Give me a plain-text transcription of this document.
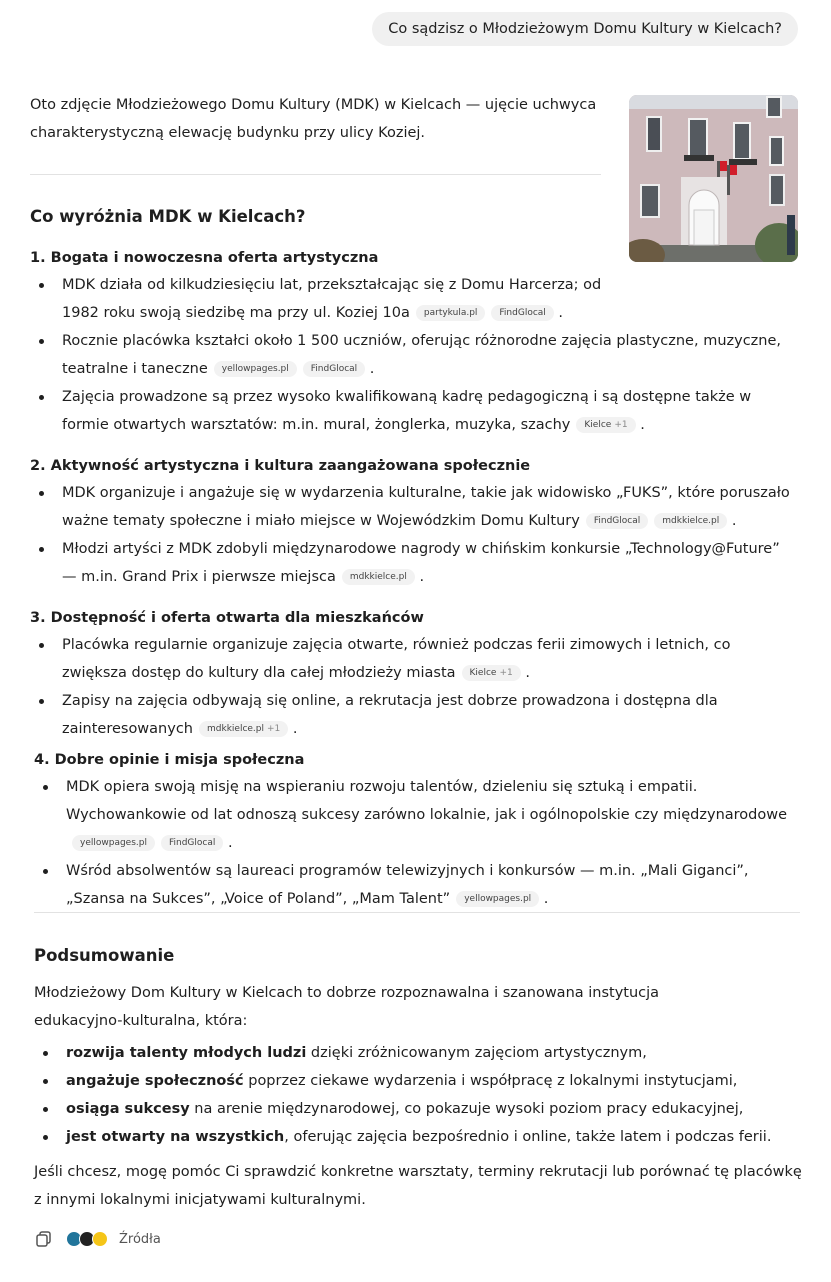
Co sądzisz o Młodzieżowym Domu Kultury w Kielcach?
Oto zdjęcie Młodzieżowego Domu Kultury (MDK) w Kielcach — ujęcie uchwyca charakterystyczną elewację budynku przy ulicy Koziej.
Co wyróżnia MDK w Kielcach?
1. Bogata i nowoczesna oferta artystyczna
MDK działa od kilkudziesięciu lat, przekształcając się z Domu Harcerza; od 1982 roku swoją siedzibę ma przy ul. Koziej 10a partykula.pl FindGlocal .
Rocznie placówka kształci około 1 500 uczniów, oferując różnorodne zajęcia plastyczne, muzyczne, teatralne i taneczne yellowpages.pl FindGlocal .
Zajęcia prowadzone są przez wysoko kwalifikowaną kadrę pedagogiczną i są dostępne także w formie otwartych warsztatów: m.in. mural, żonglerka, muzyka, szachy Kielce +1 .
2. Aktywność artystyczna i kultura zaangażowana społecznie
MDK organizuje i angażuje się w wydarzenia kulturalne, takie jak widowisko „FUKS”, które poruszało ważne tematy społeczne i miało miejsce w Wojewódzkim Domu Kultury FindGlocal mdkkielce.pl .
Młodzi artyści z MDK zdobyli międzynarodowe nagrody w chińskim konkursie „Technology@Future” — m.in. Grand Prix i pierwsze miejsca mdkkielce.pl .
3. Dostępność i oferta otwarta dla mieszkańców
Placówka regularnie organizuje zajęcia otwarte, również podczas ferii zimowych i letnich, co zwiększa dostęp do kultury dla całej młodzieży miasta Kielce +1 .
Zapisy na zajęcia odbywają się online, a rekrutacja jest dobrze prowadzona i dostępna dla zainteresowanych mdkkielce.pl +1 .
4. Dobre opinie i misja społeczna
MDK opiera swoją misję na wspieraniu rozwoju talentów, dzieleniu się sztuką i empatii. Wychowankowie od lat odnoszą sukcesy zarówno lokalnie, jak i ogólnopolskie czy międzynarodoweyellowpages.pl FindGlocal .
Wśród absolwentów są laureaci programów telewizyjnych i konkursów — m.in. „Mali Giganci”, „Szansa na Sukces”, „Voice of Poland”, „Mam Talent” yellowpages.pl .
Podsumowanie
Młodzieżowy Dom Kultury w Kielcach to dobrze rozpoznawalna i szanowana instytucja edukacyjno-kulturalna, która:
rozwija talenty młodych ludzi dzięki zróżnicowanym zajęciom artystycznym,
angażuje społeczność poprzez ciekawe wydarzenia i współpracę z lokalnymi instytucjami,
osiąga sukcesy na arenie międzynarodowej, co pokazuje wysoki poziom pracy edukacyjnej,
jest otwarty na wszystkich, oferując zajęcia bezpośrednio i online, także latem i podczas ferii.
Jeśli chcesz, mogę pomóc Ci sprawdzić konkretne warsztaty, terminy rekrutacji lub porównać tę placówkę z innymi lokalnymi inicjatywami kulturalnymi.
Źródła
